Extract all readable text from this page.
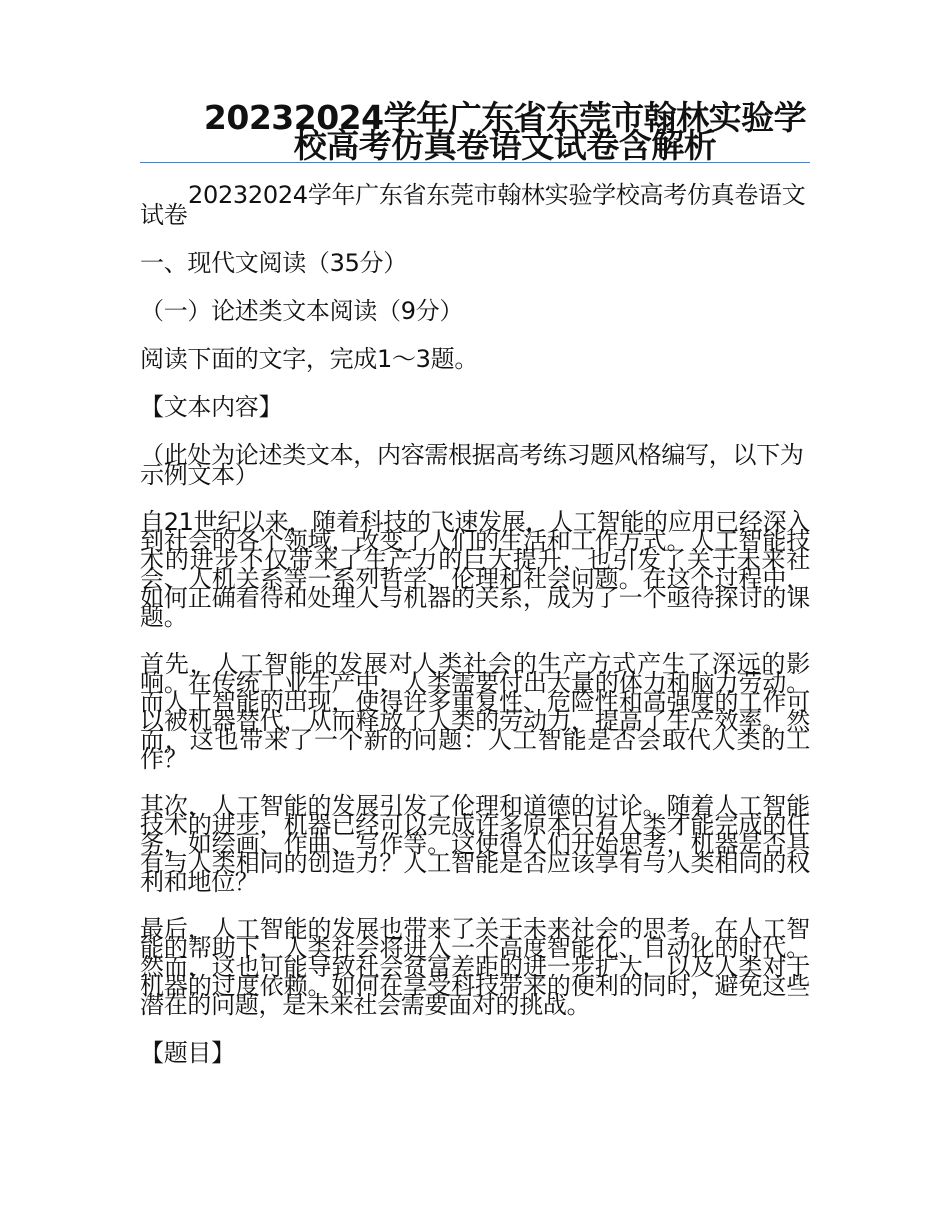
20232024学年广东省东莞市翰林实验学校高考仿真卷语文试卷含解析

20232024学年广东省东莞市翰林实验学校高考仿真卷语文试卷

一、现代文阅读（35分）

（一）论述类文本阅读（9分）

阅读下面的文字，完成1～3题。

【文本内容】

（此处为论述类文本，内容需根据高考练习题风格编写，以下为示例文本）

自21世纪以来，随着科技的飞速发展，人工智能的应用已经深入到社会的各个领域，改变了人们的生活和工作方式。人工智能技术的进步不仅带来了生产力的巨大提升，也引发了关于未来社会、人机关系等一系列哲学、伦理和社会问题。在这个过程中，如何正确看待和处理人与机器的关系，成为了一个亟待探讨的课题。

首先，人工智能的发展对人类社会的生产方式产生了深远的影响。在传统工业生产中，人类需要付出大量的体力和脑力劳动。而人工智能的出现，使得许多重复性、危险性和高强度的工作可以被机器替代，从而释放了人类的劳动力，提高了生产效率。然而，这也带来了一个新的问题：人工智能是否会取代人类的工作？

其次，人工智能的发展引发了伦理和道德的讨论。随着人工智能技术的进步，机器已经可以完成许多原本只有人类才能完成的任务，如绘画、作曲、写作等。这使得人们开始思考，机器是否具有与人类相同的创造力？人工智能是否应该享有与人类相同的权利和地位？

最后，人工智能的发展也带来了关于未来社会的思考。在人工智能的帮助下，人类社会将进入一个高度智能化、自动化的时代。然而，这也可能导致社会贫富差距的进一步扩大，以及人类对于机器的过度依赖。如何在享受科技带来的便利的同时，避免这些潜在的问题，是未来社会需要面对的挑战。

【题目】
